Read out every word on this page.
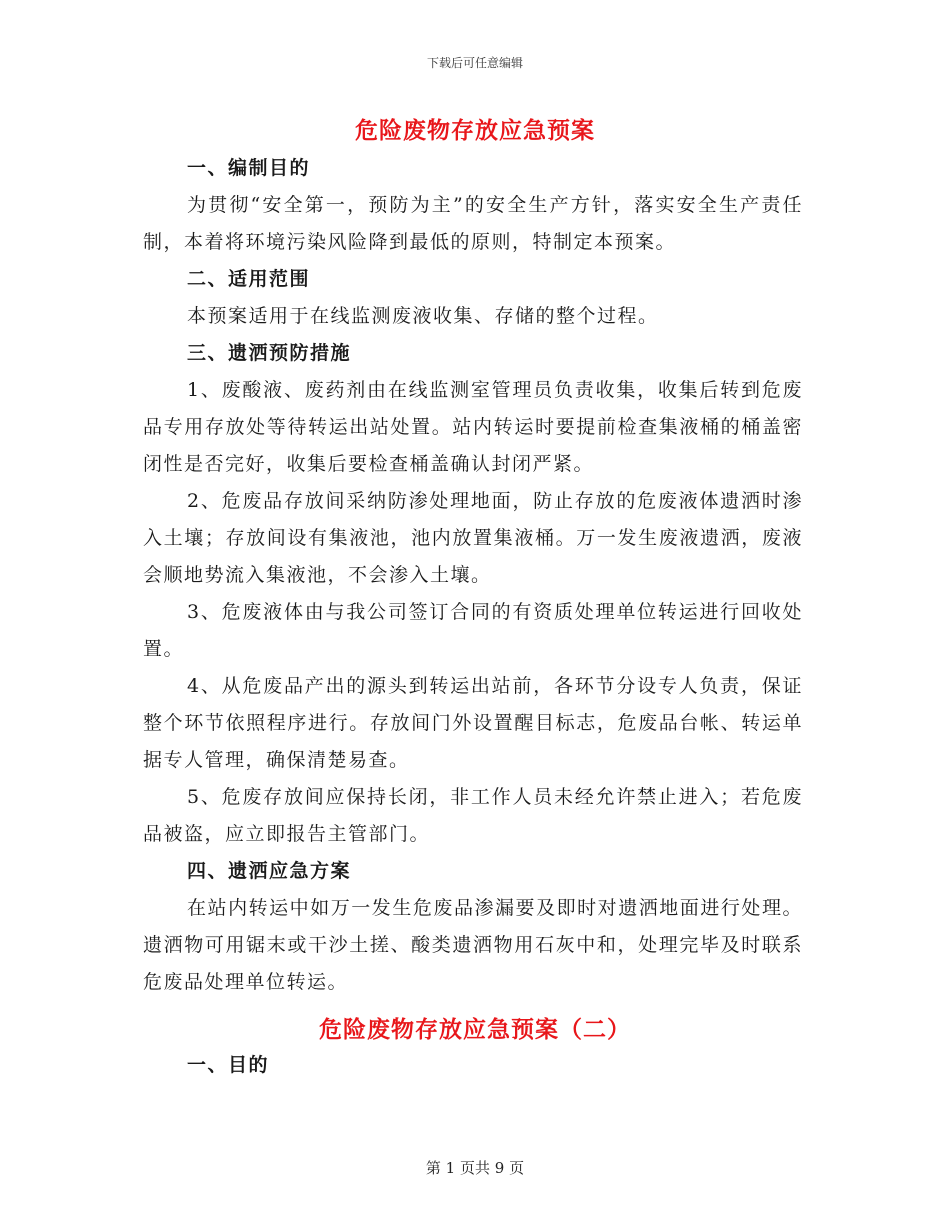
下载后可任意编辑
危险废物存放应急预案

一、编制目的

为贯彻“安全第一，预防为主”的安全生产方针，落实安全生产责任制，本着将环境污染风险降到最低的原则，特制定本预案。

二、适用范围

本预案适用于在线监测废液收集、存储的整个过程。

三、遗洒预防措施

1、废酸液、废药剂由在线监测室管理员负责收集，收集后转到危废品专用存放处等待转运出站处置。站内转运时要提前检查集液桶的桶盖密闭性是否完好，收集后要检查桶盖确认封闭严紧。

2、危废品存放间采纳防渗处理地面，防止存放的危废液体遗洒时渗入土壤；存放间设有集液池，池内放置集液桶。万一发生废液遗洒，废液会顺地势流入集液池，不会渗入土壤。

3、危废液体由与我公司签订合同的有资质处理单位转运进行回收处置。

4、从危废品产出的源头到转运出站前，各环节分设专人负责，保证整个环节依照程序进行。存放间门外设置醒目标志，危废品台帐、转运单据专人管理，确保清楚易查。

5、危废存放间应保持长闭，非工作人员未经允许禁止进入；若危废品被盗，应立即报告主管部门。

四、遗洒应急方案

在站内转运中如万一发生危废品渗漏要及即时对遗洒地面进行处理。遗洒物可用锯末或干沙土搓、酸类遗洒物用石灰中和，处理完毕及时联系危废品处理单位转运。

危险废物存放应急预案（二）

一、目的

第 1 页共 9 页
